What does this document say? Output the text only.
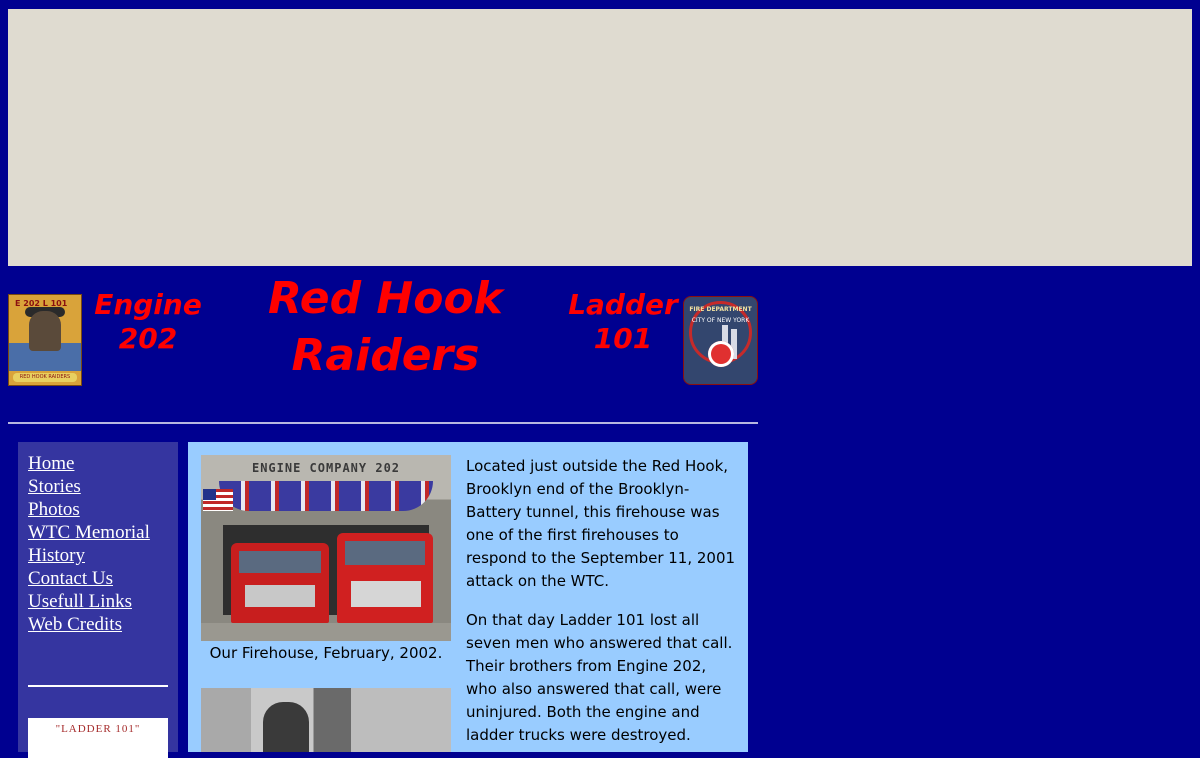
E 202 L 101
RED HOOK RAIDERS
Engine 202
Red Hook Raiders
Ladder 101
FIRE DEPARTMENT
CITY OF NEW YORK
Home
Stories
Photos
WTC Memorial
History
Contact Us
Usefull Links
Web Credits
"LADDER 101"
ENGINE COMPANY 202
Our Firehouse, February, 2002.

Located just outside the Red Hook, Brooklyn end of the Brooklyn-Battery tunnel, this firehouse was one of the first firehouses to respond to the September 11, 2001 attack on the WTC.

On that day Ladder 101 lost all seven men who answered that call. Their brothers from Engine 202, who also answered that call, were uninjured. Both the engine and ladder trucks were destroyed.
